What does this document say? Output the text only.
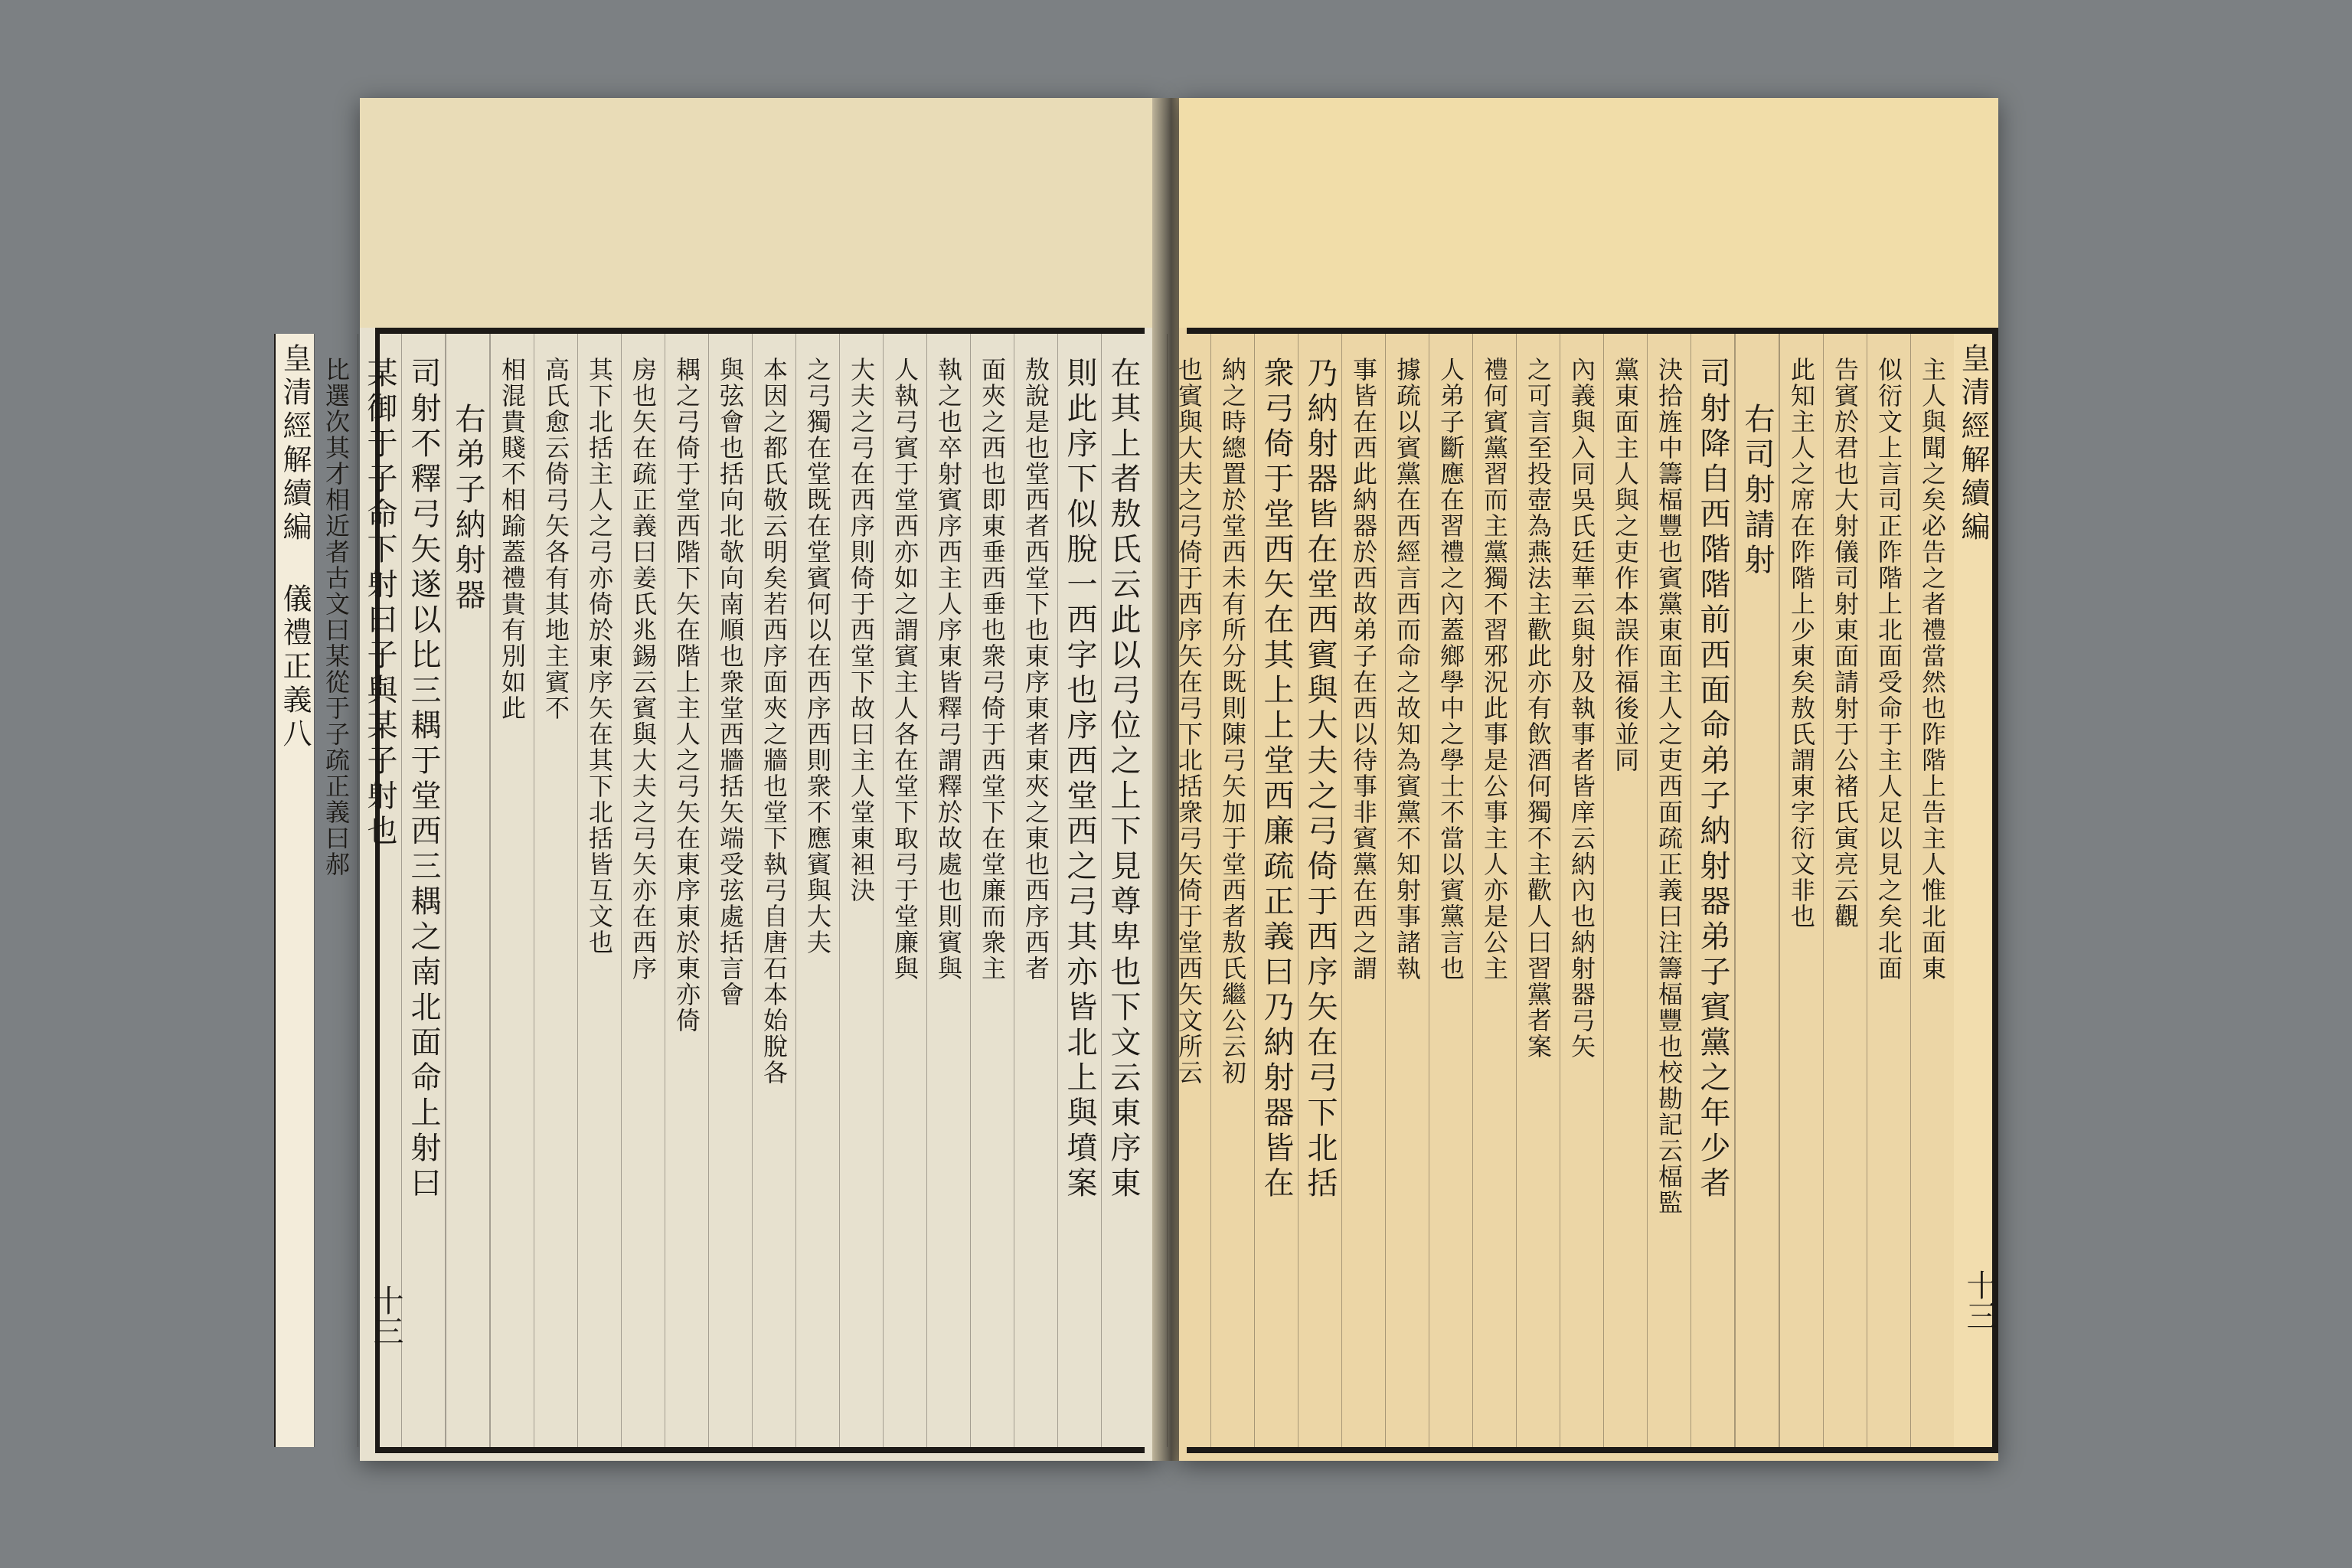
在其上者敖氏云此以弓位之上下見尊卑也下文云東序東
則此序下似脫一西字也序西堂西之弓其亦皆北上與墳案
敖說是也堂西者西堂下也東序東者東夾之東也西序西者
面夾之西也即東垂西垂也衆弓倚于西堂下在堂廉而衆主
執之也卒射賓序西主人序東皆釋弓謂釋於故處也則賓與
人執弓賓于堂西亦如之謂賓主人各在堂下取弓于堂廉與
大夫之弓在西序則倚于西堂下故曰主人堂東袒決
之弓獨在堂既在堂賓何以在西序西則衆不應賓與大夫
本因之都氏敬云明矣若西序面夾之牆也堂下執弓自唐石本始脫各
與弦會也括向北欹向南順也衆堂西牆括矢端受弦處括言會
耦之弓倚于堂西階下矢在階上主人之弓矢在東序東於東亦倚
房也矢在疏正義曰姜氏兆錫云賓與大夫之弓矢亦在西序
其下北括主人之弓亦倚於東序矢在其下北括皆互文也
高氏愈云倚弓矢各有其地主賓不
相混貴賤不相踰蓋禮貴有別如此
右弟子納射器
司射不釋弓矢遂以比三耦于堂西三耦之南北面命上射曰
某御于子命下射曰子與某子射也
比選次其才相近者古文曰某從于子疏正義曰郝
皇清經解續編 儀禮正義八
十三
皇清經解續編
主人與聞之矣必告之者禮當然也阼階上告主人惟北面東
似衍文上言司正阼階上北面受命于主人足以見之矣北面
告賓於君也大射儀司射東面請射于公褚氏寅亮云觀
此知主人之席在阼階上少東矣敖氏謂東字衍文非也
右司射請射
司射降自西階階前西面命弟子納射器弟子賓黨之年少者
決拾旌中籌楅豐也賓黨東面主人之吏西面疏正義曰注籌楅豐也校勘記云楅監
黨東面主人與之吏作本誤作福後並同
內義與入同吳氏廷華云與射及執事者皆庠云納內也納射器弓矢
之可言至投壺為燕法主歡此亦有飲酒何獨不主歡人曰習黨者案
禮何賓黨習而主黨獨不習邪況此事是公事主人亦是公主
人弟子斷應在習禮之內蓋鄉學中之學士不當以賓黨言也
據疏以賓黨在西經言西而命之故知為賓黨不知射事諸執
事皆在西此納器於西故弟子在西以待事非賓黨在西之謂
乃納射器皆在堂西賓與大夫之弓倚于西序矢在弓下北括
衆弓倚于堂西矢在其上上堂西廉疏正義曰乃納射器皆在
納之時總置於堂西未有所分既則陳弓矢加于堂西者敖氏繼公云初
也賓與大夫之弓倚于西序矢在弓下北括衆弓矢倚于堂西矢文所云
十三
